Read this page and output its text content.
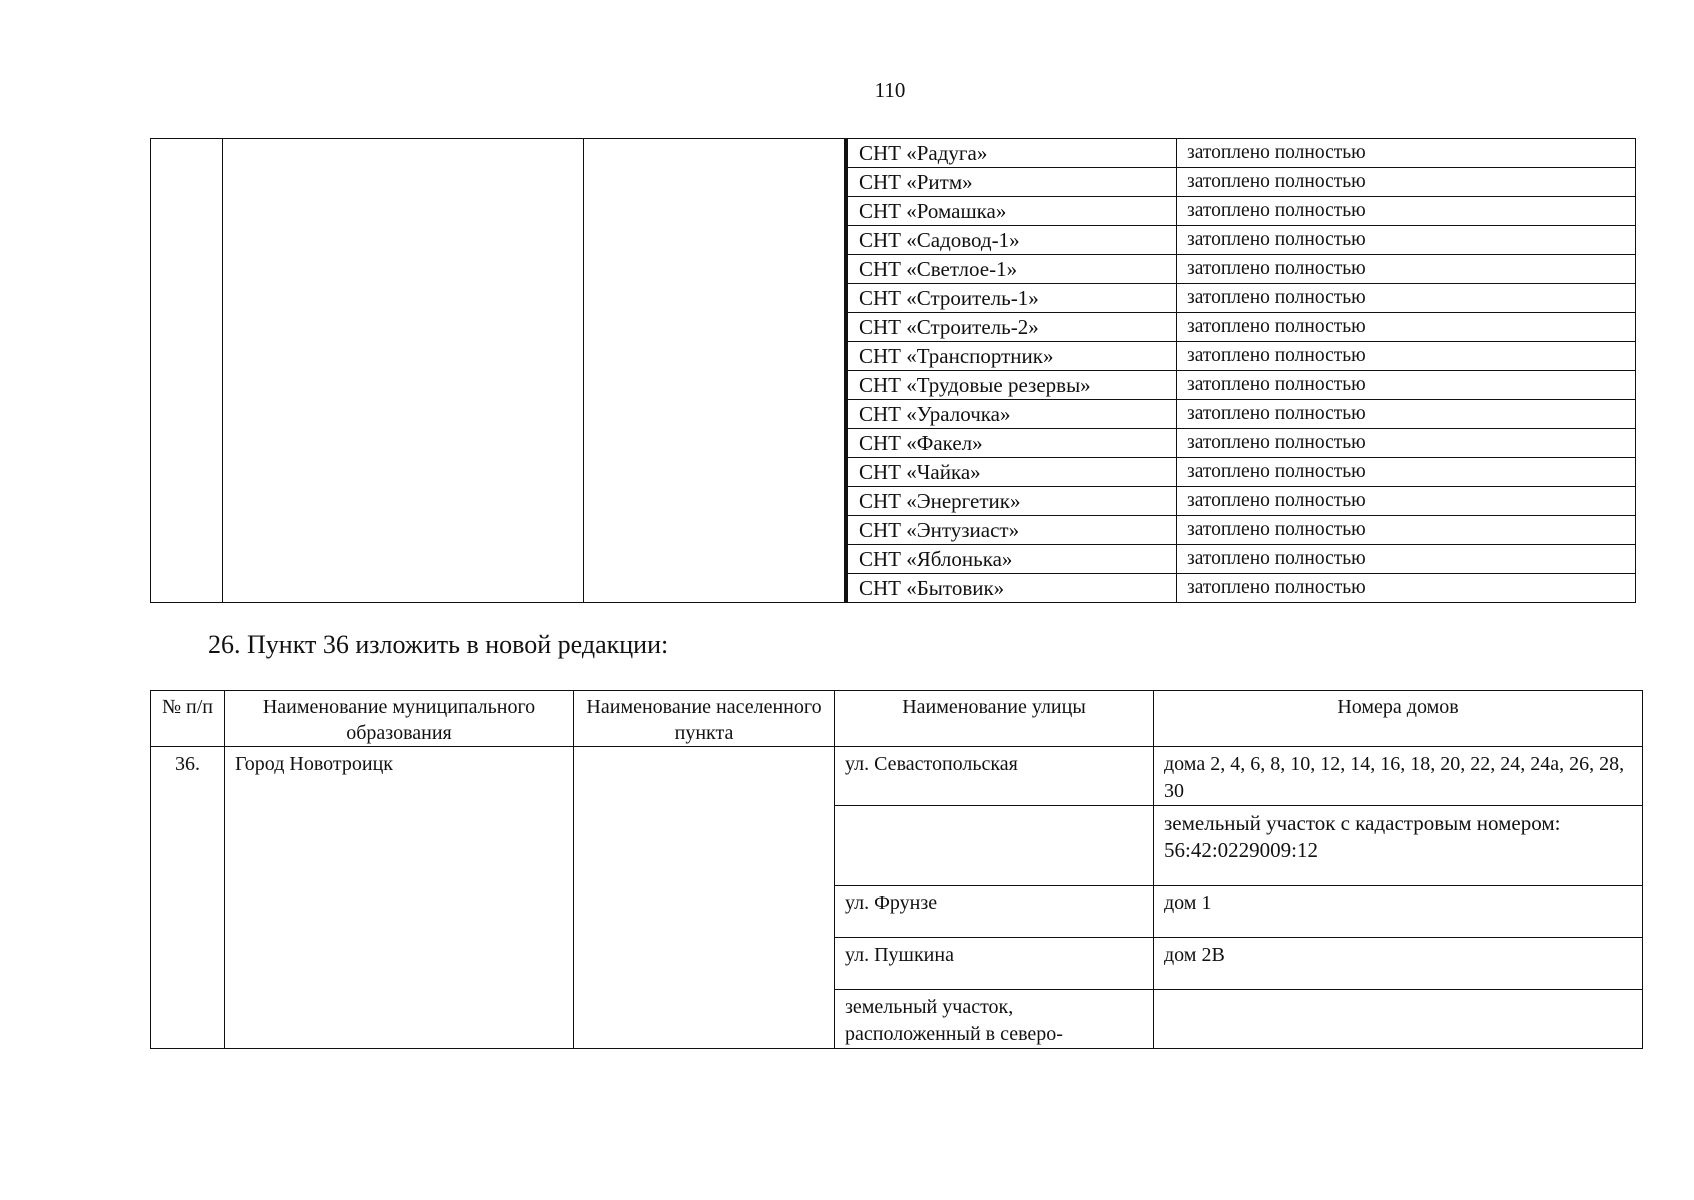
110
			СНТ «Радуга»	затоплено полностью
			СНТ «Ритм»	затоплено полностью
			СНТ «Ромашка»	затоплено полностью
			СНТ «Садовод-1»	затоплено полностью
			СНТ «Светлое-1»	затоплено полностью
			СНТ «Строитель-1»	затоплено полностью
			СНТ «Строитель-2»	затоплено полностью
			СНТ «Транспортник»	затоплено полностью
			СНТ «Трудовые резервы»	затоплено полностью
			СНТ «Уралочка»	затоплено полностью
			СНТ «Факел»	затоплено полностью
			СНТ «Чайка»	затоплено полностью
			СНТ «Энергетик»	затоплено полностью
			СНТ «Энтузиаст»	затоплено полностью
			СНТ «Яблонька»	затоплено полностью
			СНТ «Бытовик»	затоплено полностью
26. Пункт 36 изложить в новой редакции:
№ п/п	Наименование муниципального образования	Наименование населенного пункта	Наименование улицы	Номера домов
36.	Город Новотроицк		ул. Севастопольская	дома 2, 4, 6, 8, 10, 12, 14, 16, 18, 20, 22, 24, 24а, 26, 28, 30
				земельный участок с кадастровым номером: 56:42:0229009:12
			ул. Фрунзе	дом 1
			ул. Пушкина	дом 2В
			земельный участок, расположенный в северо-	
